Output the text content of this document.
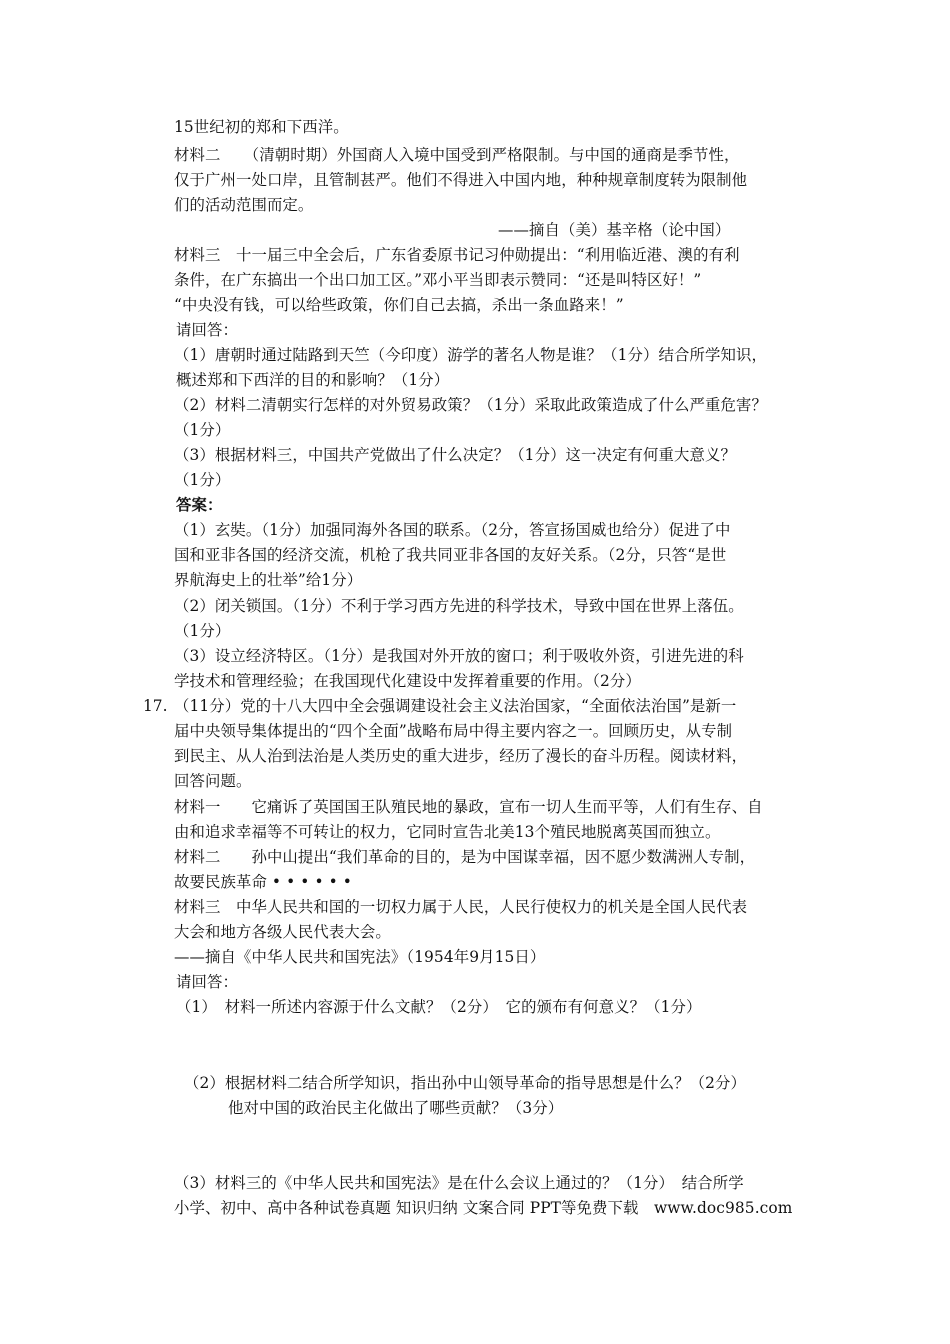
15世纪初的郑和下西洋。
材料二　　（清朝时期）外国商人入境中国受到严格限制。与中国的通商是季节性，
仅于广州一处口岸，且管制甚严。他们不得进入中国内地，种种规章制度转为限制他
们的活动范围而定。
——摘自（美）基辛格（论中国）
材料三　十一届三中全会后，广东省委原书记习仲勋提出：“利用临近港、澳的有利
条件，在广东搞出一个出口加工区。”邓小平当即表示赞同：“还是叫特区好！”
“中央没有钱，可以给些政策，你们自己去搞，杀出一条血路来！”
请回答：
（1）唐朝时通过陆路到天竺（今印度）游学的著名人物是谁？（1分）结合所学知识，
概述郑和下西洋的目的和影响？（1分）
（2）材料二清朝实行怎样的对外贸易政策？（1分）采取此政策造成了什么严重危害？
（1分）
（3）根据材料三，中国共产党做出了什么决定？（1分）这一决定有何重大意义？
（1分）
答案：
（1）玄奘。（1分）加强同海外各国的联系。（2分，答宣扬国威也给分）促进了中
国和亚非各国的经济交流，机枪了我共同亚非各国的友好关系。（2分，只答“是世
界航海史上的壮举”给1分）
（2）闭关锁国。（1分）不利于学习西方先进的科学技术，导致中国在世界上落伍。
（1分）
（3）设立经济特区。（1分）是我国对外开放的窗口；利于吸收外资，引进先进的科
学技术和管理经验；在我国现代化建设中发挥着重要的作用。（2分）
17. （11分）党的十八大四中全会强调建设社会主义法治国家，“全面依法治国”是新一
届中央领导集体提出的“四个全面”战略布局中得主要内容之一。回顾历史，从专制
到民主、从人治到法治是人类历史的重大进步，经历了漫长的奋斗历程。阅读材料，
回答问题。
材料一　　它痛诉了英国国王队殖民地的暴政，宣布一切人生而平等，人们有生存、自
由和追求幸福等不可转让的权力，它同时宣告北美13个殖民地脱离英国而独立。
材料二　　孙中山提出“我们革命的目的，是为中国谋幸福，因不愿少数满洲人专制，
故要民族革命 • • • • • •
材料三　中华人民共和国的一切权力属于人民，人民行使权力的机关是全国人民代表
大会和地方各级人民代表大会。
——摘自《中华人民共和国宪法》（1954年9月15日）
请回答：
（1）　材料一所述内容源于什么文献？（2分）　它的颁布有何意义？（1分）
（2）根据材料二结合所学知识，指出孙中山领导革命的指导思想是什么？（2分）
他对中国的政治民主化做出了哪些贡献？（3分）
（3）材料三的《中华人民共和国宪法》是在什么会议上通过的？（1分）　结合所学
小学、初中、高中各种试卷真题 知识归纳 文案合同 PPT等免费下载　www.doc985.com
